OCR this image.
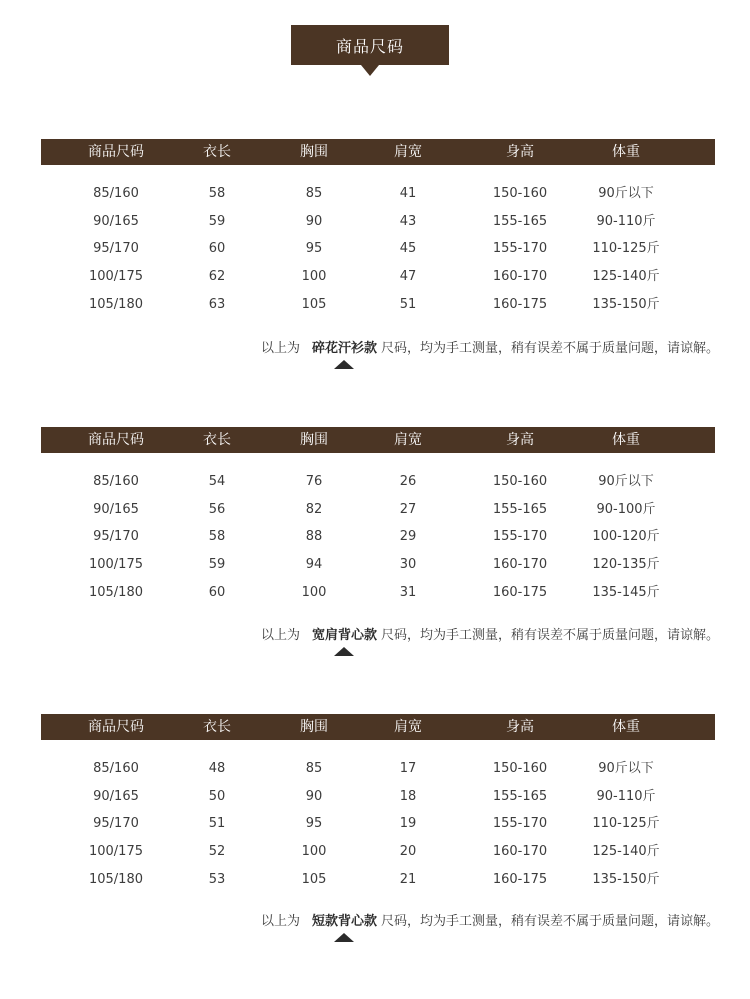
商品尺码
商品尺码	衣长	胸围	肩宽	身高	体重
85/160	58	85	41	150-160	90斤以下
90/165	59	90	43	155-165	90-110斤
95/170	60	95	45	155-170	110-125斤
100/175	62	100	47	160-170	125-140斤
105/180	63	105	51	160-175	135-150斤
商品尺码	衣长	胸围	肩宽	身高	体重
85/160	54	76	26	150-160	90斤以下
90/165	56	82	27	155-165	90-100斤
95/170	58	88	29	155-170	100-120斤
100/175	59	94	30	160-170	120-135斤
105/180	60	100	31	160-175	135-145斤
商品尺码	衣长	胸围	肩宽	身高	体重
85/160	48	85	17	150-160	90斤以下
90/165	50	90	18	155-165	90-110斤
95/170	51	95	19	155-170	110-125斤
100/175	52	100	20	160-170	125-140斤
105/180	53	105	21	160-175	135-150斤
以上为 碎花汗衫款 尺码，均为手工测量，稍有误差不属于质量问题，请谅解。
以上为 宽肩背心款 尺码，均为手工测量，稍有误差不属于质量问题，请谅解。
以上为 短款背心款 尺码，均为手工测量，稍有误差不属于质量问题，请谅解。
